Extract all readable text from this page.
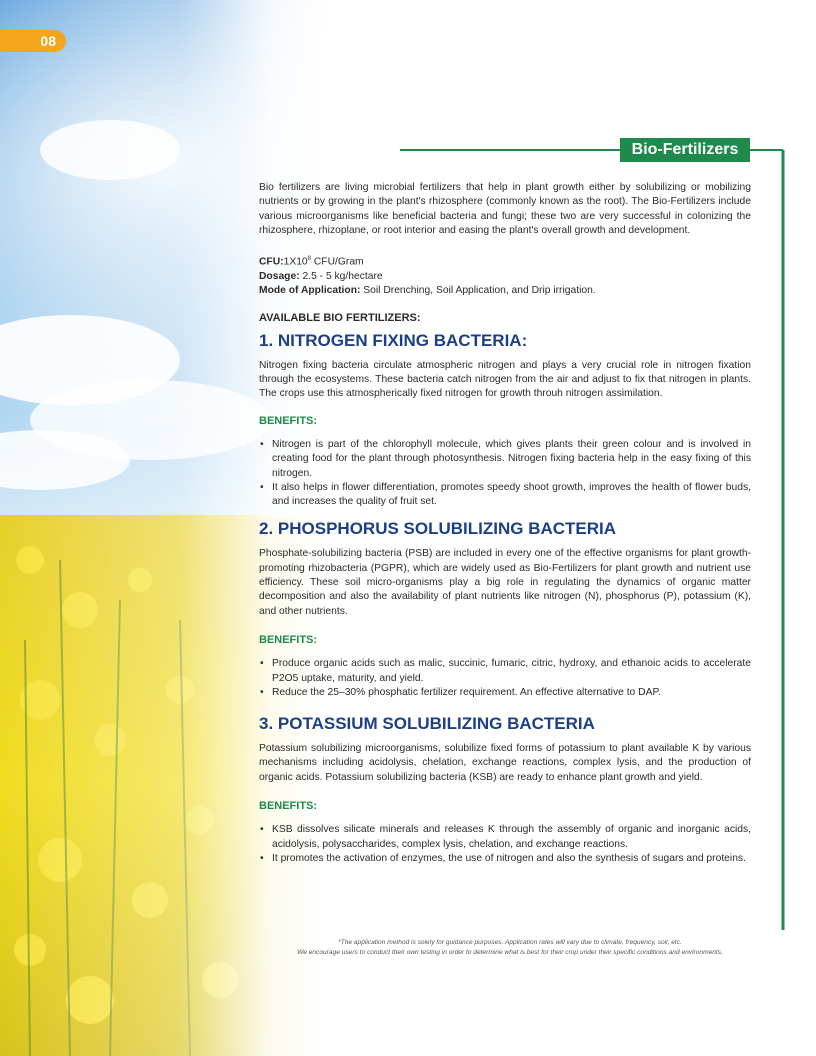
08
Bio-Fertilizers

Bio fertilizers are living microbial fertilizers that help in plant growth either by solubilizing or mobilizing nutrients or by growing in the plant's rhizosphere (commonly known as the root). The Bio-Fertilizers include various microorganisms like beneficial bacteria and fungi; these two are very successful in colonizing the rhizosphere, rhizoplane, or root interior and easing the plant's overall growth and development.

$CFU:1X10^8$ CFU/Gram
Dosage: 2.5 - 5 kg/hectare
Mode of Application: Soil Drenching, Soil Application, and Drip irrigation.
AVAILABLE BIO FERTILIZERS:
1. NITROGEN FIXING BACTERIA:

Nitrogen fixing bacteria circulate atmospheric nitrogen and plays a very crucial role in nitrogen fixation through the ecosystems. These bacteria catch nitrogen from the air and adjust to fix that nitrogen in plants. The crops use this atmospherically fixed nitrogen for growth throuh nitrogen assimilation.

BENEFITS:
• Nitrogen is part of the chlorophyll molecule, which gives plants their green colour and is involved in creating food for the plant through photosynthesis. Nitrogen fixing bacteria help in the easy fixing of this nitrogen.
• It also helps in flower differentiation, promotes speedy shoot growth, improves the health of flower buds, and increases the quality of fruit set.
2. PHOSPHORUS SOLUBILIZING BACTERIA

Phosphate-solubilizing bacteria (PSB) are included in every one of the effective organisms for plant growth-promoting rhizobacteria (PGPR), which are widely used as Bio-Fertilizers for plant growth and nutrient use efficiency. These soil micro-organisms play a big role in regulating the dynamics of organic matter decomposition and also the availability of plant nutrients like nitrogen (N), phosphorus (P), potassium (K), and other nutrients.

BENEFITS:
• Produce organic acids such as malic, succinic, fumaric, citric, hydroxy, and ethanoic acids to accelerate P2O5 uptake, maturity, and yield.
• Reduce the 25–30% phosphatic fertilizer requirement. An effective alternative to DAP.
3. POTASSIUM SOLUBILIZING BACTERIA

Potassium solubilizing microorganisms, solubilize fixed forms of potassium to plant available K by various mechanisms including acidolysis, chelation, exchange reactions, complex lysis, and the production of organic acids. Potassium solubilizing bacteria (KSB) are ready to enhance plant growth and yield.

BENEFITS:
• KSB dissolves silicate minerals and releases K through the assembly of organic and inorganic acids, acidolysis, polysaccharides, complex lysis, chelation, and exchange reactions.
• It promotes the activation of enzymes, the use of nitrogen and also the synthesis of sugars and proteins.
*The application method is solely for guidance purposes. Application rates will vary due to climate, frequency, soil, etc.
We encourage users to conduct their own testing in order to determine what is best for their crop under their specific conditions and environments.
